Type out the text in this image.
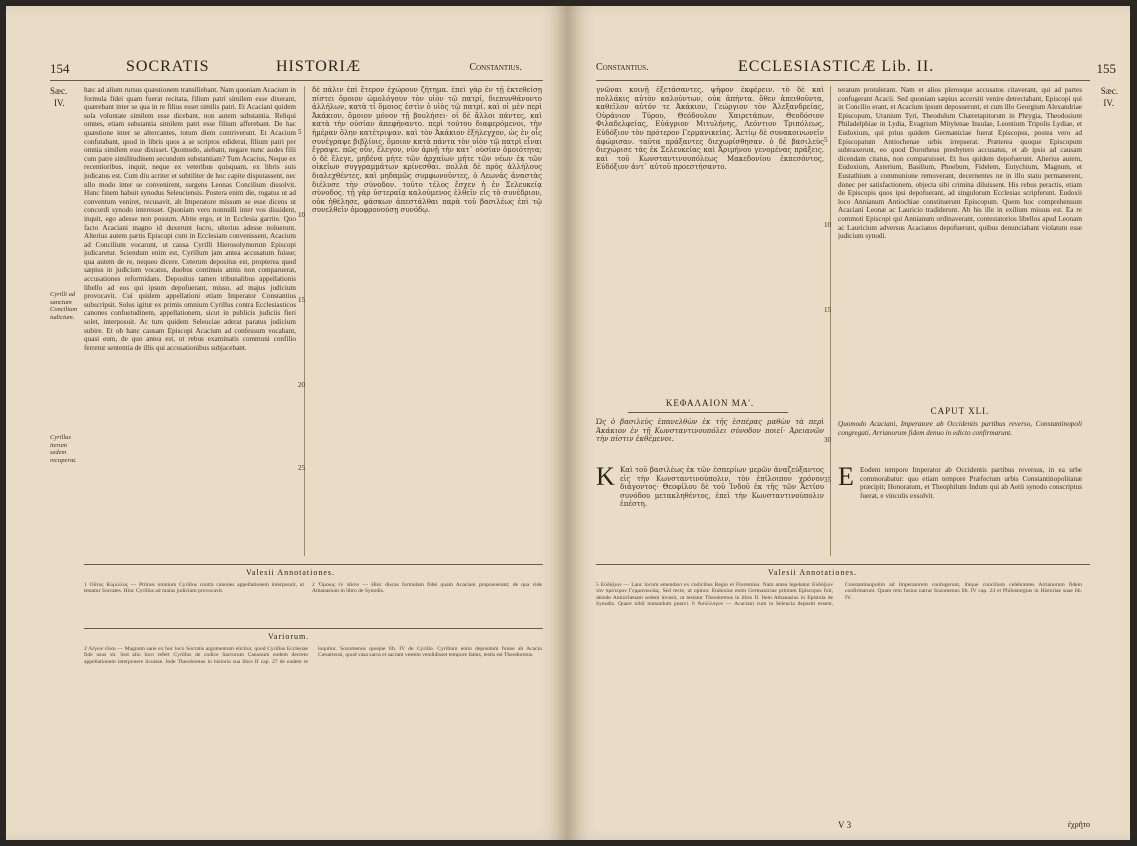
154	SOCRATIS	HISTORIÆ	Constantius.
Sæc.
IV.
Cyrilli ad sanctum Concilium iudicium.
Cyrillus iterum sedem recuperat.
hæc ad alium rursus quæstionem transiliebant. Nam quoniam Acacium in formula fidei quam fuerat recitata, filium patri similem esse dixerant, quærebant inter se qua in re filius esset similis patri. Et Acaciani quidem sola voluntate similem esse dicebant, non autem substantia. Reliqui omnes, etiam substantia similem patri esse filium afferebant. De hac quæstione inter se altercantes, totum diem contriverunt. Et Acacium confutabant, quod in libris quos a se scriptos ediderat, filium patri per omnia similem esse dixisset. Quomodo, aiebant, negare nunc audes filii cum patre similitudinem secundum substantiam? Tum Acacius, Neque ex recentioribus, inquit, neque ex veteribus quisquam, ex libris suis judicatus est. Cum diu acriter et subtiliter de hoc capite disputassent, nec ullo modo inter se convenirent, surgens Leonas Concilium dissolvit. Hunc finem habuit synodus Seleuciensis. Postera enim die, rogatus ut ad conventum veniret, recusavit, ab Imperatore missum se esse dicens ut concordi synodo interesset. Quoniam vero nonnulli inter vos dissident, inquit, ego adesse non possum. Abite ergo, et in Ecclesia garrite. Quo facto Acaciani magno id duxerunt lucro, ulterius adesse noluerunt. Alterius autem partis Episcopi cum in Ecclesiam convenissent, Acacium ad Concilium vocarunt, ut causa Cyrilli Hierosolymorum Episcopi judicaretur. Sciendum enim est, Cyrillum jam antea accusatum fuisse; qua autem de re, nequeo dicere. Ceterum depositus est, propterea quod sæpius in judicium vocatus, duobus continuis annis non comparuerat, accusationes reformidans. Depositus tamen tribunalibus appellationis libello ad eos qui ipsum depofuerant, misso, ad majus judicium provocavit. Cui quidem appellationi etiam Imperator Constantius subscripsit. Solus igitur ex primis omnium Cyrillus contra Ecclesiasticos canones confuetudinem, appellationem, sicut in publicis judiciis fieri solet, interposuit. Ac tum quidem Seleuciae aderat paratus judicium subire. Et ob hanc causam Episcopi Acacium ad confessum vocabant, quasi eum, de quo antea est, ut rebus examinatis communi confilio ferretur sententia de illis qui accusationibus subjacebant.
δὲ πάλιν ἐπὶ ἕτερον ἐχώρουν ζήτημα. ἐπεὶ γὰρ ἐν τῇ ἐκτεθείσῃ πίστει ὅμοιον ὡμολόγουν τὸν υἱὸν τῷ πατρί, διεπυνθάνοντο ἀλλήλων, κατὰ τί ὅμοιος ἐστὶν ὁ υἱὸς τῷ πατρί. καὶ οἱ μὲν περὶ Ἀκάκιον, ὅμοιον μόνον τῇ βουλήσει· οἱ δὲ ἄλλοι πάντες, καὶ κατὰ τὴν οὐσίαν ἀπεφήναντο. περὶ τούτου διαφερόμενοι, τὴν ἡμέραν ὅλην κατέτριψαν. καὶ τὸν Ἀκάκιον ἐξήλεγχον, ὡς ἐν οἷς συνέγραψε βιβλίοις, ὅμοιον κατὰ πάντα τὸν υἱὸν τῷ πατρὶ εἶναι ἔγραψε. πῶς οὖν, ἔλεγον, νῦν ἀρνῇ τὴν κατ᾽ οὐσίαν ὁμοιότητα; ὁ δὲ ἔλεγε, μηδένα μήτε τῶν ἀρχαίων μήτε τῶν νέων ἐκ τῶν οἰκείων συγγραμμάτων κρίνεσθαι. πολλὰ δὲ πρὸς ἀλλήλους διαλεχθέντες, καὶ μηδαμῶς συμφωνοῦντες, ὁ Λεωνᾶς ἀναστὰς διέλυσε τὴν σύνοδον. τοῦτο τέλος ἔσχεν ἡ ἐν Σελευκείᾳ σύνοδος. τῇ γὰρ ὑστεραίᾳ καλούμενος ἐλθεῖν εἰς τὸ συνέδριον, οὐκ ἠθέλησε, φάσκων ἀπεστάλθαι παρὰ τοῦ βασιλέως ἐπὶ τῷ συνελθεῖν ὁμοφρονούσῃ συνόδῳ.
5
10
15
20
25
Valesii Annotationes.
1 Οὗτος Κύριλλος — Primus omnium Cyrillus contra canones appellationem interposuit, ut testatur Socrates. Hinc Cyrillus ad maius judicium provocavit.
2 Ὅμοιος ἐν πᾶσιν — Hinc discas formulam fidei quam Acaciani proposuerant; de qua vide Athanasium in libro de Synodis.
Variorum.
2 Λέγων εἶναι — Magnum sane ex hoc loco Socratis argumentum elicitur, quod Cyrillus Ecclesiae fide usus sit. Sed alio loco refert Cyrillus de codice Sacrorum Canonum eodem decreto appellationem interponere licuisse. Inde Theodoretus in historia sua libro II cap. 27 de eadem re loquitur. Sozomenus quoque lib. IV de Cyrillo. Cyrillum enim depositum fuisse ab Acacio Cæsariensi, quod vasa sacra et sacram vestem vendidisset tempore famis, testis est Theodoretus.
Constantius.	ECCLESIASTICÆ Lib. II.	155
Sæc.
IV.
γνῶναι κοινῇ ἐξετάσαντες, ψῆφον ἐκφέρειν. τὸ δὲ καὶ πολλάκις αὐτὸν καλούντων, οὐκ ἀπήντα. ὅθεν ἀπειθοῦντα, καθεῖλον αὐτόν τε Ἀκάκιον, Γεώργιον τὸν Ἀλεξανδρείας, Οὐράνιον Τύρου, Θεόδουλον Χαιρετάπων, Θεοδόσιον Φιλαδελφείας, Εὐάγριον Μιτυλήνης, Λεόντιον Τριπόλεως, Εὐδόξιον τὸν πρότερον Γερμανικείας. Ἀετίῳ δὲ συνακοινωνεῖν ἀφώρισαν. ταῦτα πράξαντες διεχωρίσθησαν. ὁ δὲ βασιλεὺς διεχώρισε τὰς ἐκ Σελευκείας καὶ Ἀριμήνου γενομένας πράξεις. καὶ τοῦ Κωνσταντινουπόλεως Μακεδονίου ἐκπεσόντος, Εὐδόξιον ἀντ᾽ αὐτοῦ προεστήσαντο.
teratum protulerant. Nam et alios plerosque accusatos citaverant, qui ad partes confugerant Acacii. Sed quoniam sæpius accersiti venire detrectabant, Episcopi qui in Concilio erant, et Acacium ipsum deposuerunt, et cum illo Georgium Alexandriae Episcopum, Uranium Tyri, Theodulum Chæretapitorum in Phrygia, Theodosium Philadelphiae in Lydia, Evagrium Mitylenae Insulae, Leontium Tripolis Lydiae, et Eudoxium, qui prius quidem Germaniciae fuerat Episcopus, postea vero ad Episcopatum Antiochenae urbis irrepserat. Præterea quoque Episcopum subtraxerunt, eo quod Dorotheus presbytero accusatus, et ab ipsis ad causam dicendam citatus, non comparuisset. Et hos quidem depofuerunt. Alterius autem, Eudoxium, Asterium, Basilium, Phoebum, Fidelem, Eutychium, Magnum, et Eustathium a communione removerant, decernentes ne in illo statu permanerent, donec per satisfactionem, objecta sibi crimina diluissent. His rebus peractis, etiam de Episcopis quos ipsi depofuerant, ad singulorum Ecclesias scripferunt. Eudoxii loco Annianum Antiochiae constituerunt Episcopum. Quem hoc comprehensum Acaciani Leonæ ac Lauricio tradiderunt. Ab his ille in exilium missus est. Ea re commoti Episcopi qui Annianum ordinaverant, contestatorios libellos apud Leonam ac Lauricium adversus Acacianos depofuerunt, quibus denunciabant violatum esse judicium synodi.
5
10
15
ΚΕΦΑΛΑΙΟΝ ΜΑ'.
Ὡς ὁ βασιλεὺς ἐπανελθὼν ἐκ τῆς ἑσπέρας μαθὼν τὰ περὶ Ἀκάκιον ἐν τῇ Κωνσταντινουπόλει σύνοδον ποιεῖ· Ἀρειανῶν τὴν πίστιν ἐκθέμενοι.
Κ Καὶ τοῦ βασιλέως ἐκ τῶν ἑσπερίων μερῶν ἀναζεύξαντος εἰς τὴν Κωνσταντινούπολιν, τὸν ἐπίλοιπον χρόνον διάγοντος· Θεοφίλου δὲ τοῦ Ἰνδοῦ ἐκ τῆς τῶν Ἀετίου συνόδου μετακληθέντος, ἐπεὶ τὴν Κωνσταντινούπολιν ἐπέστη.
CAPUT XLI.
Quomodo Acaciani, Imperatore ab Occidentis partibus reverso, Constantinopoli congregati, Arrianorum fidem denuo in edicto confirmarunt.
E Eodem tempore Imperator ab Occidentis partibus reversus, in ea urbe commorabatur: quo etiam tempore Præfectum urbis Constantinopolitanæ præcipit; Honoratum, et Theophilum Indum qui ab Aetii synodo conscriptus fuerat, e vinculis exsolvit.
30
35
Valesii Annotationes.
5 Εὐδόξιον — Lanc locum emendavi ex codicibus Regio et Florentino. Nam antea legebatur Εὐδόξιον τὸν πρότερον Γερμανικείας. Sed recte, ut opinor. Eudoxius enim Germaniciae primum Episcopus fuit, deinde Antiochenam sedem invasit, ut testatur Theodoretus in libro II. Item Athanasius in Epistola de Synodis. Quare nihil mutandum putavi. 6 Ἀσύλλογον — Acaciani cum in Seleucia depositi essent, Constantinopolim ad Imperatorem confugerunt, ibique concilium celebrantes Arrianorum fidem confirmarunt. Quam rem fusius narrat Sozomenus lib. IV cap. 24 et Philostorgius in Historiae suae lib. IV.
V 3	ἐχρῆτο
